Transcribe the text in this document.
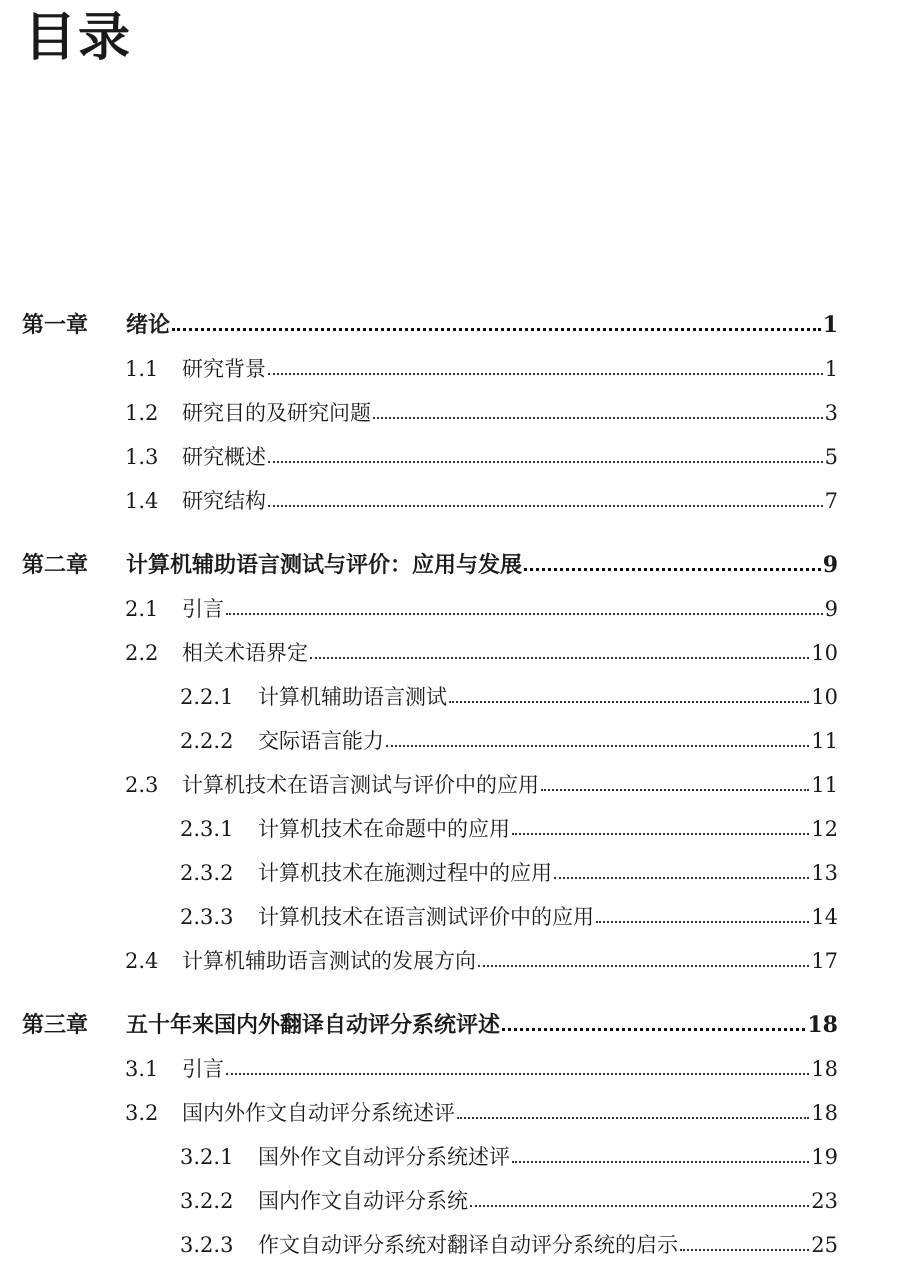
目录
第一章	绪论	1
1.1	研究背景	1
1.2	研究目的及研究问题	3
1.3	研究概述	5
1.4	研究结构	7
第二章	计算机辅助语言测试与评价：应用与发展	9
2.1	引言	9
2.2	相关术语界定	10
2.2.1	计算机辅助语言测试	10
2.2.2	交际语言能力	11
2.3	计算机技术在语言测试与评价中的应用	11
2.3.1	计算机技术在命题中的应用	12
2.3.2	计算机技术在施测过程中的应用	13
2.3.3	计算机技术在语言测试评价中的应用	14
2.4	计算机辅助语言测试的发展方向	17
第三章	五十年来国内外翻译自动评分系统评述	18
3.1	引言	18
3.2	国内外作文自动评分系统述评	18
3.2.1	国外作文自动评分系统述评	19
3.2.2	国内作文自动评分系统	23
3.2.3	作文自动评分系统对翻译自动评分系统的启示	25
